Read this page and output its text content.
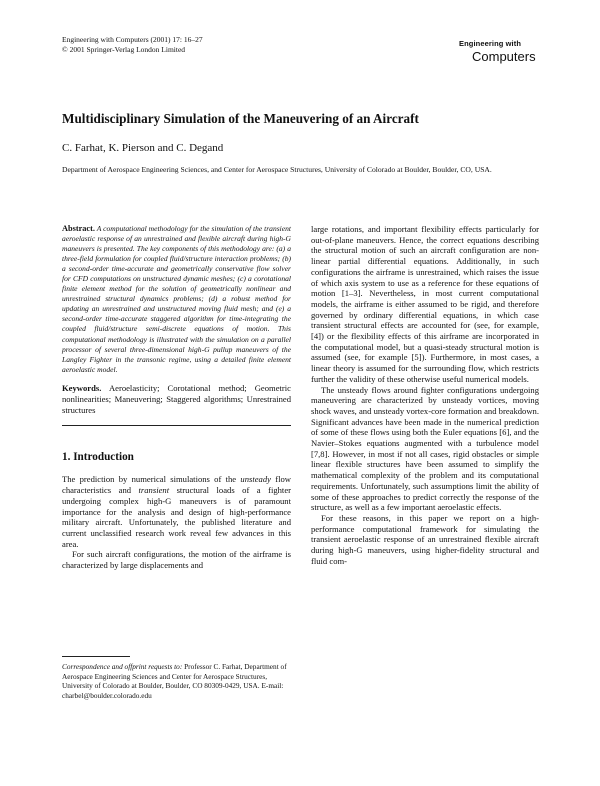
Engineering with Computers (2001) 17: 16–27
© 2001 Springer-Verlag London Limited
Engineering with
Computers
Multidisciplinary Simulation of the Maneuvering of an Aircraft
C. Farhat, K. Pierson and C. Degand
Department of Aerospace Engineering Sciences, and Center for Aerospace Structures, University of Colorado at Boulder, Boulder, CO, USA.

Abstract. A computational methodology for the simulation of the transient aeroelastic response of an unrestrained and flexible aircraft during high-G maneuvers is presented. The key components of this methodology are: (a) a three-field formulation for coupled fluid/structure interaction problems; (b) a second-order time-accurate and geometrically conservative flow solver for CFD computations on unstructured dynamic meshes; (c) a corotational finite element method for the solution of geometrically nonlinear and unrestrained structural dynamics problems; (d) a robust method for updating an unrestrained and unstructured moving fluid mesh; and (e) a second-order time-accurate staggered algorithm for time-integrating the coupled fluid/structure semi-discrete equations of motion. This computational methodology is illustrated with the simulation on a parallel processor of several three-dimensional high-G pullup maneuvers of the Langley Fighter in the transonic regime, using a detailed finite element aeroelastic model.

Keywords. Aeroelasticity; Corotational method; Geometric nonlinearities; Maneuvering; Staggered algorithms; Unrestrained structures

1. Introduction

The prediction by numerical simulations of the unsteady flow characteristics and transient structural loads of a fighter undergoing complex high-G maneuvers is of paramount importance for the analysis and design of high-performance military aircraft. Unfortunately, the published literature and current unclassified research work reveal few advances in this area.

For such aircraft configurations, the motion of the airframe is characterized by large displacements and

Correspondence and offprint requests to: Professor C. Farhat, Department of Aerospace Engineering Sciences and Center for Aerospace Structures, University of Colorado at Boulder, Boulder, CO 80309-0429, USA. E-mail: charbel@boulder.colorado.edu

large rotations, and important flexibility effects particularly for out-of-plane maneuvers. Hence, the correct equations describing the structural motion of such an aircraft configuration are non-linear partial differential equations. Additionally, in such configurations the airframe is unrestrained, which raises the issue of which axis system to use as a reference for these equations of motion [1–3]. Nevertheless, in most current computational models, the airframe is either assumed to be rigid, and therefore governed by ordinary differential equations, in which case transient structural effects are accounted for (see, for example, [4]) or the flexibility effects of this airframe are incorporated in the computational model, but a quasi-steady structural motion is assumed (see, for example [5]). Furthermore, in most cases, a linear theory is assumed for the surrounding flow, which restricts further the validity of these otherwise useful numerical models.

The unsteady flows around fighter configurations undergoing maneuvering are characterized by unsteady vortices, moving shock waves, and unsteady vortex-core formation and breakdown. Significant advances have been made in the numerical prediction of some of these flows using both the Euler equations [6], and the Navier–Stokes equations augmented with a turbulence model [7,8]. However, in most if not all cases, rigid obstacles or simple linear flexible structures have been assumed to simplify the mathematical complexity of the problem and its computational requirements. Unfortunately, such assumptions limit the ability of some of these approaches to predict correctly the response of the structure, as well as a few important aeroelastic effects.

For these reasons, in this paper we report on a high-performance computational framework for simulating the transient aeroelastic response of an unrestrained flexible aircraft during high-G maneuvers, using higher-fidelity structural and fluid com-
